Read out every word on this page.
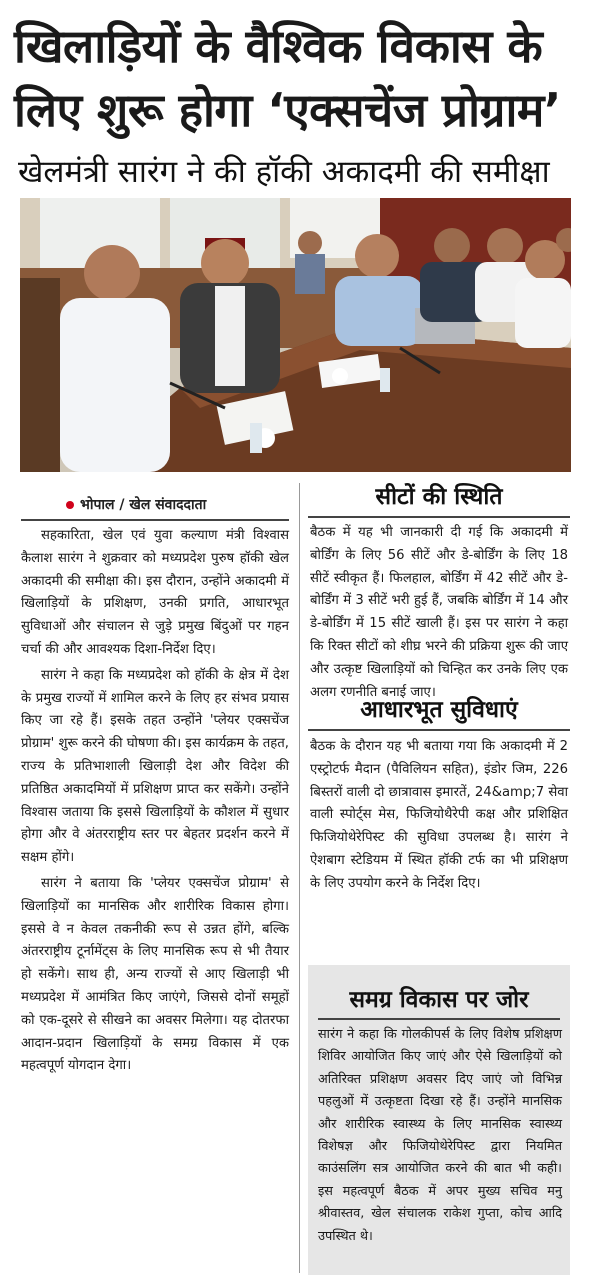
खिलाड़ियों के वैश्विक विकास के
लिए शुरू होगा ‘एक्सचेंज प्रोग्राम’
खेलमंत्री सारंग ने की हॉकी अकादमी की समीक्षा
भोपाल / खेल संवाददाता

सहकारिता, खेल एवं युवा कल्याण मंत्री विश्वास कैलाश सारंग ने शुक्रवार को मध्यप्रदेश पुरुष हॉकी खेल अकादमी की समीक्षा की। इस दौरान, उन्होंने अकादमी में खिलाड़ियों के प्रशिक्षण, उनकी प्रगति, आधारभूत सुविधाओं और संचालन से जुड़े प्रमुख बिंदुओं पर गहन चर्चा की और आवश्यक दिशा-निर्देश दिए।

सारंग ने कहा कि मध्यप्रदेश को हॉकी के क्षेत्र में देश के प्रमुख राज्यों में शामिल करने के लिए हर संभव प्रयास किए जा रहे हैं। इसके तहत उन्होंने 'प्लेयर एक्सचेंज प्रोग्राम' शुरू करने की घोषणा की। इस कार्यक्रम के तहत, राज्य के प्रतिभाशाली खिलाड़ी देश और विदेश की प्रतिष्ठित अकादमियों में प्रशिक्षण प्राप्त कर सकेंगे। उन्होंने विश्वास जताया कि इससे खिलाड़ियों के कौशल में सुधार होगा और वे अंतरराष्ट्रीय स्तर पर बेहतर प्रदर्शन करने में सक्षम होंगे।

सारंग ने बताया कि 'प्लेयर एक्सचेंज प्रोग्राम' से खिलाड़ियों का मानसिक और शारीरिक विकास होगा। इससे वे न केवल तकनीकी रूप से उन्नत होंगे, बल्कि अंतरराष्ट्रीय टूर्नामेंट्स के लिए मानसिक रूप से भी तैयार हो सकेंगे। साथ ही, अन्य राज्यों से आए खिलाड़ी भी मध्यप्रदेश में आमंत्रित किए जाएंगे, जिससे दोनों समूहों को एक-दूसरे से सीखने का अवसर मिलेगा। यह दोतरफा आदान-प्रदान खिलाड़ियों के समग्र विकास में एक महत्वपूर्ण योगदान देगा।

सीटों की स्थिति
बैठक में यह भी जानकारी दी गई कि अकादमी में बोर्डिंग के लिए 56 सीटें और डे-बोर्डिंग के लिए 18 सीटें स्वीकृत हैं। फिलहाल, बोर्डिंग में 42 सीटें और डे-बोर्डिंग में 3 सीटें भरी हुई हैं, जबकि बोर्डिंग में 14 और डे-बोर्डिंग में 15 सीटें खाली हैं। इस पर सारंग ने कहा कि रिक्त सीटों को शीघ्र भरने की प्रक्रिया शुरू की जाए और उत्कृष्ट खिलाड़ियों को चिन्हित कर उनके लिए एक अलग रणनीति बनाई जाए।
आधारभूत सुविधाएं
बैठक के दौरान यह भी बताया गया कि अकादमी में 2 एस्ट्रोटर्फ मैदान (पैविलियन सहित), इंडोर जिम, 226 बिस्तरों वाली दो छात्रावास इमारतें, 24&amp;7 सेवा वाली स्पोर्ट्स मेस, फिजियोथैरेपी कक्ष और प्रशिक्षित फिजियोथेरेपिस्ट की सुविधा उपलब्ध है। सारंग ने ऐशबाग स्टेडियम में स्थित हॉकी टर्फ का भी प्रशिक्षण के लिए उपयोग करने के निर्देश दिए।
समग्र विकास पर जोर
सारंग ने कहा कि गोलकीपर्स के लिए विशेष प्रशिक्षण शिविर आयोजित किए जाएं और ऐसे खिलाड़ियों को अतिरिक्त प्रशिक्षण अवसर दिए जाएं जो विभिन्न पहलुओं में उत्कृष्टता दिखा रहे हैं। उन्होंने मानसिक और शारीरिक स्वास्थ्य के लिए मानसिक स्वास्थ्य विशेषज्ञ और फिजियोथेरेपिस्ट द्वारा नियमित काउंसलिंग सत्र आयोजित करने की बात भी कही। इस महत्वपूर्ण बैठक में अपर मुख्य सचिव मनु श्रीवास्तव, खेल संचालक राकेश गुप्ता, कोच आदि उपस्थित थे।
